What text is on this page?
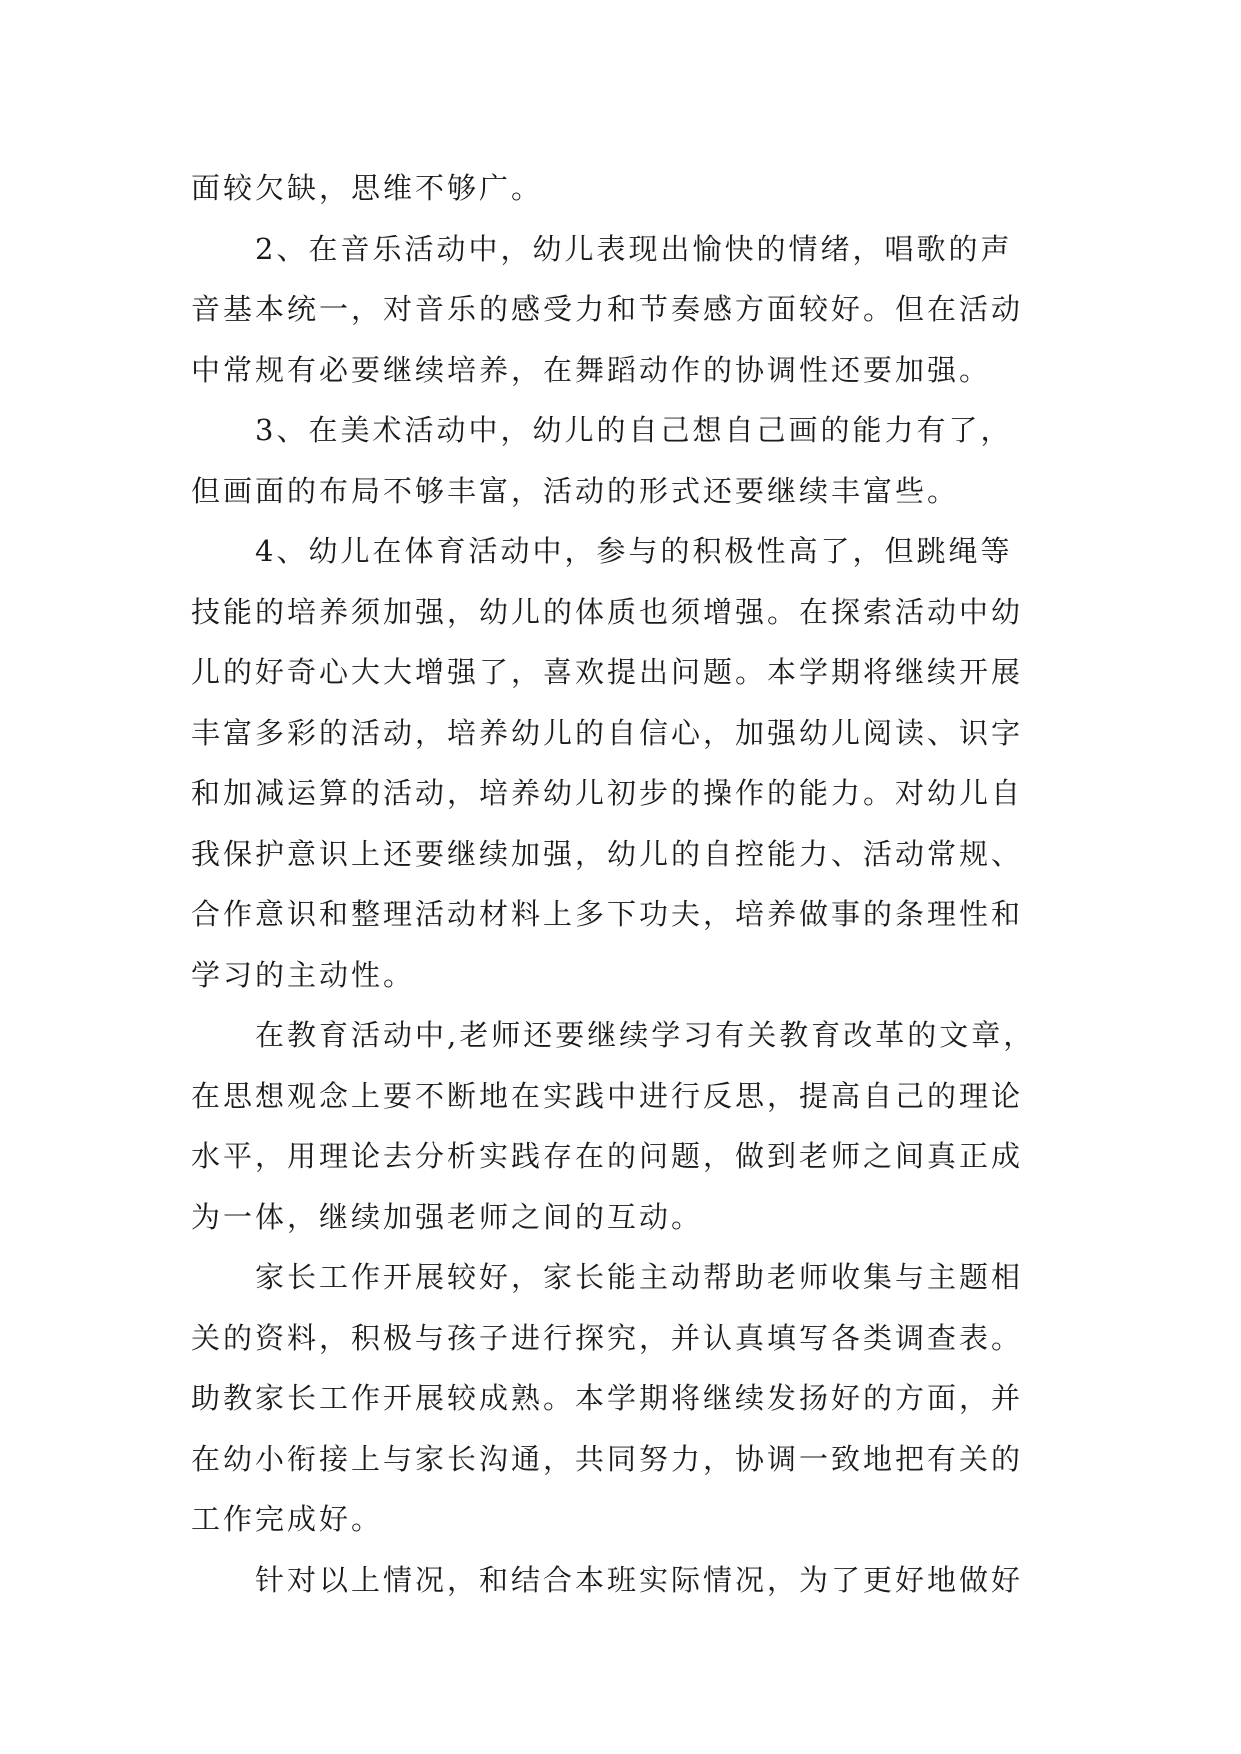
面较欠缺，思维不够广。
2、在音乐活动中，幼儿表现出愉快的情绪，唱歌的声
音基本统一，对音乐的感受力和节奏感方面较好。但在活动
中常规有必要继续培养，在舞蹈动作的协调性还要加强。
3、在美术活动中，幼儿的自己想自己画的能力有了，
但画面的布局不够丰富，活动的形式还要继续丰富些。
4、幼儿在体育活动中，参与的积极性高了，但跳绳等
技能的培养须加强，幼儿的体质也须增强。在探索活动中幼
儿的好奇心大大增强了，喜欢提出问题。本学期将继续开展
丰富多彩的活动，培养幼儿的自信心，加强幼儿阅读、识字
和加减运算的活动，培养幼儿初步的操作的能力。对幼儿自
我保护意识上还要继续加强，幼儿的自控能力、活动常规、
合作意识和整理活动材料上多下功夫，培养做事的条理性和
学习的主动性。
在教育活动中,老师还要继续学习有关教育改革的文章，
在思想观念上要不断地在实践中进行反思，提高自己的理论
水平，用理论去分析实践存在的问题，做到老师之间真正成
为一体，继续加强老师之间的互动。
家长工作开展较好，家长能主动帮助老师收集与主题相
关的资料，积极与孩子进行探究，并认真填写各类调查表。
助教家长工作开展较成熟。本学期将继续发扬好的方面，并
在幼小衔接上与家长沟通，共同努力，协调一致地把有关的
工作完成好。
针对以上情况，和结合本班实际情况，为了更好地做好
